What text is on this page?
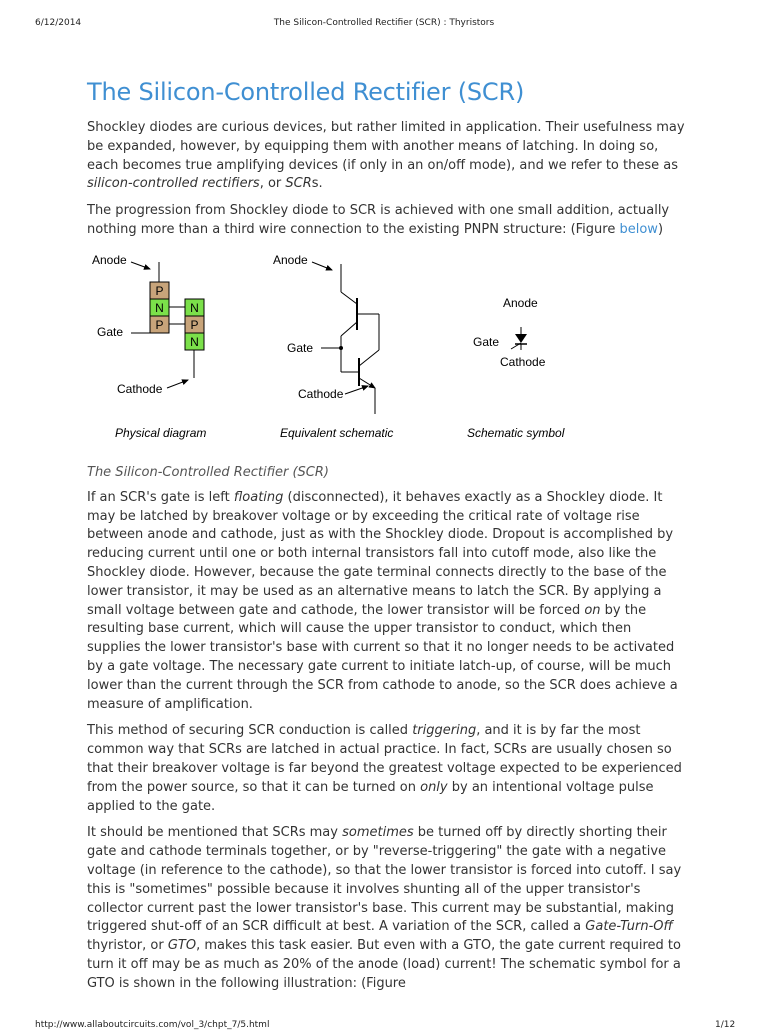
6/12/2014	The Silicon-Controlled Rectifier (SCR) : Thyristors
The Silicon-Controlled Rectifier (SCR)

Shockley diodes are curious devices, but rather limited in application. Their usefulness may be expanded, however, by equipping them with another means of latching. In doing so, each becomes true amplifying devices (if only in an on/off mode), and we refer to these as silicon-controlled rectifiers, or SCRs.

The progression from Shockley diode to SCR is achieved with one small addition, actually nothing more than a third wire connection to the existing PNPN structure: (Figure below)

Anode
P
N
P
N
P
N
Gate
Cathode
Physical diagram
Anode
Gate
Cathode
Equivalent schematic
Anode
Gate
Cathode
Schematic symbol
The Silicon-Controlled Rectifier (SCR)

If an SCR's gate is left floating (disconnected), it behaves exactly as a Shockley diode. It may be latched by breakover voltage or by exceeding the critical rate of voltage rise between anode and cathode, just as with the Shockley diode. Dropout is accomplished by reducing current until one or both internal transistors fall into cutoff mode, also like the Shockley diode. However, because the gate terminal connects directly to the base of the lower transistor, it may be used as an alternative means to latch the SCR. By applying a small voltage between gate and cathode, the lower transistor will be forced on by the resulting base current, which will cause the upper transistor to conduct, which then supplies the lower transistor's base with current so that it no longer needs to be activated by a gate voltage. The necessary gate current to initiate latch-up, of course, will be much lower than the current through the SCR from cathode to anode, so the SCR does achieve a measure of amplification.

This method of securing SCR conduction is called triggering, and it is by far the most common way that SCRs are latched in actual practice. In fact, SCRs are usually chosen so that their breakover voltage is far beyond the greatest voltage expected to be experienced from the power source, so that it can be turned on only by an intentional voltage pulse applied to the gate.

It should be mentioned that SCRs may sometimes be turned off by directly shorting their gate and cathode terminals together, or by "reverse-triggering" the gate with a negative voltage (in reference to the cathode), so that the lower transistor is forced into cutoff. I say this is "sometimes" possible because it involves shunting all of the upper transistor's collector current past the lower transistor's base. This current may be substantial, making triggered shut-off of an SCR difficult at best. A variation of the SCR, called a Gate-Turn-Off thyristor, or GTO, makes this task easier. But even with a GTO, the gate current required to turn it off may be as much as 20% of the anode (load) current! The schematic symbol for a GTO is shown in the following illustration: (Figure

http://www.allaboutcircuits.com/vol_3/chpt_7/5.html	1/12
